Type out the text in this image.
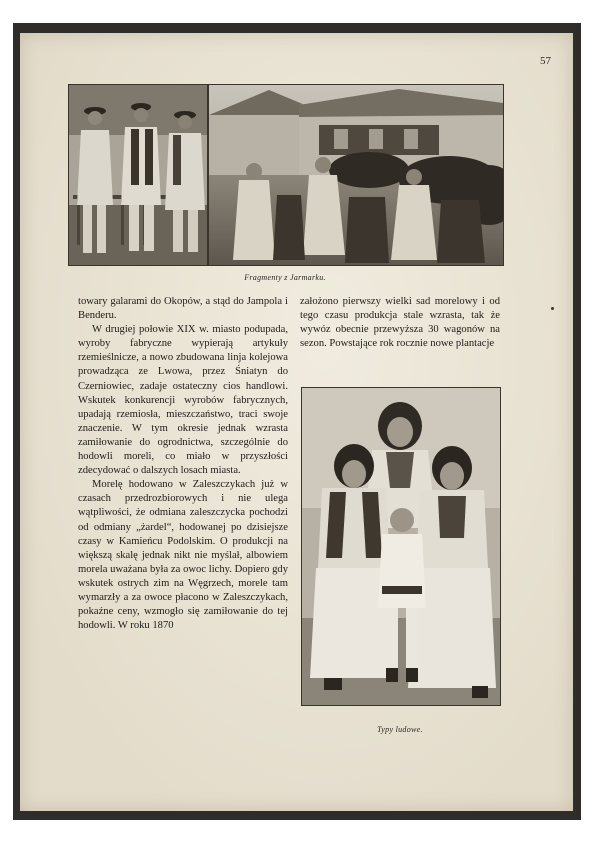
57
Fragmenty z Jarmarku.

towary galarami do Okopów, a stąd do Jampola i Benderu.

W drugiej połowie XIX w. miasto podupada, wyroby fabryczne wypierają artykuły rzemieślnicze, a nowo zbudowana linja kolejowa prowadząca ze Lwowa, przez Śniatyn do Czerniowiec, zadaje ostateczny cios handlowi. Wskutek konkurencji wyrobów fabrycznych, upadają rzemiosła, mieszczaństwo, traci swoje znaczenie. W tym okresie jednak wzrasta zamiłowanie do ogrodnictwa, szczególnie do hodowli moreli, co miało w przyszłości zdecydować o dalszych losach miasta.

Morelę hodowano w Zaleszczykach już w czasach przedrozbiorowych i nie ulega wątpliwości, że odmiana zaleszczycka pochodzi od odmiany „żardel“, hodowanej po dzisiejsze czasy w Kamieńcu Podolskim. O produkcji na większą skalę jednak nikt nie myślał, albowiem morela uważana była za owoc lichy. Dopiero gdy wskutek ostrych zim na Węgrzech, morele tam wymarzły a za owoce płacono w Zaleszczykach, pokaźne ceny, wzmogło się zamiłowanie do tej hodowli. W roku 1870

założono pierwszy wielki sad morelowy i od tego czasu produkcja stale wzrasta, tak że wywóz obecnie przewyższa 30 wagonów na sezon. Powstające rok rocznie nowe plantacje

Typy ludowe.
